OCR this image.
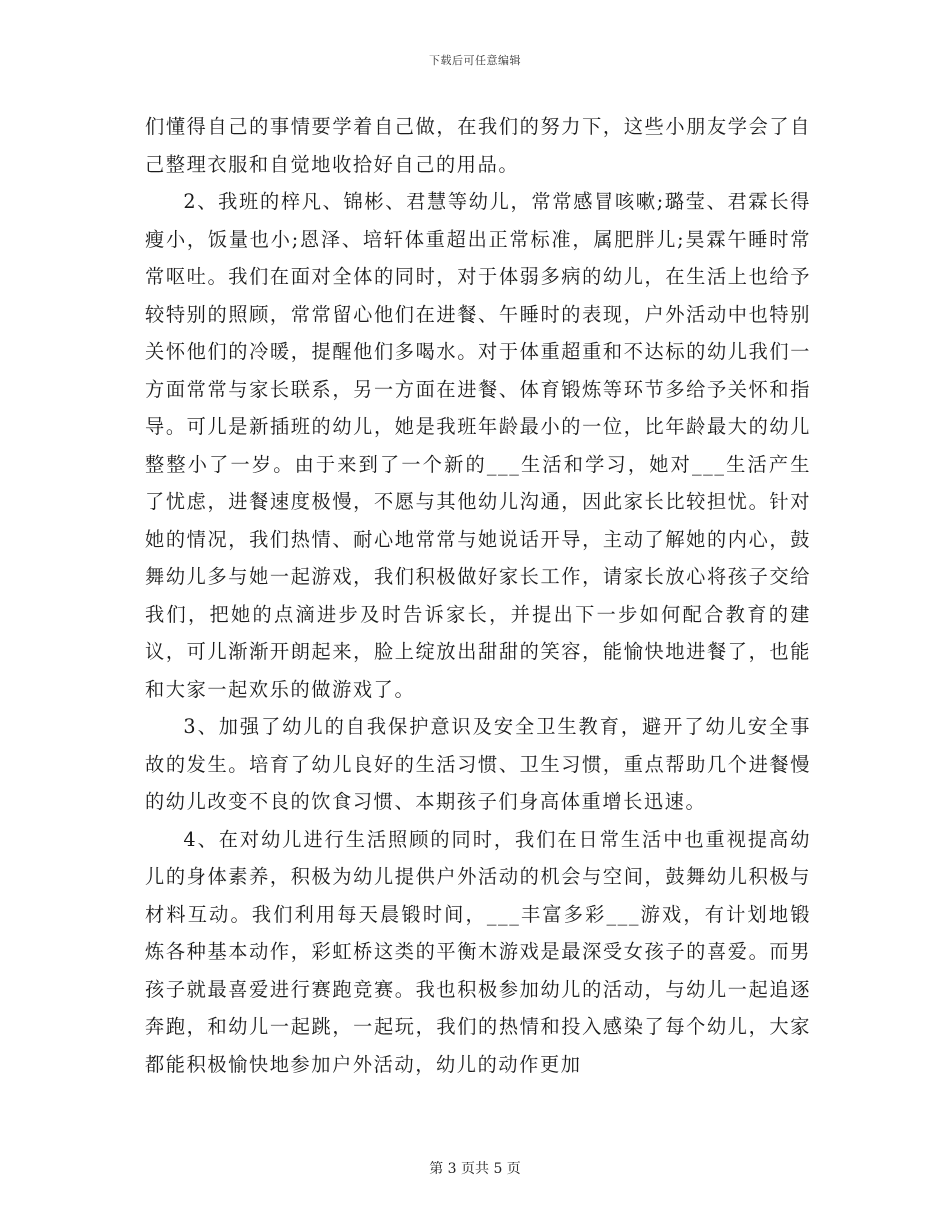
下载后可任意编辑

们懂得自己的事情要学着自己做，在我们的努力下，这些小朋友学会了自己整理衣服和自觉地收拾好自己的用品。

2、我班的梓凡、锦彬、君慧等幼儿，常常感冒咳嗽;璐莹、君霖长得瘦小，饭量也小;恩泽、培轩体重超出正常标准，属肥胖儿;昊霖午睡时常常呕吐。我们在面对全体的同时，对于体弱多病的幼儿，在生活上也给予较特别的照顾，常常留心他们在进餐、午睡时的表现，户外活动中也特别关怀他们的冷暖，提醒他们多喝水。对于体重超重和不达标的幼儿我们一方面常常与家长联系，另一方面在进餐、体育锻炼等环节多给予关怀和指导。可儿是新插班的幼儿，她是我班年龄最小的一位，比年龄最大的幼儿整整小了一岁。由于来到了一个新的___生活和学习，她对___生活产生了忧虑，进餐速度极慢，不愿与其他幼儿沟通，因此家长比较担忧。针对她的情况，我们热情、耐心地常常与她说话开导，主动了解她的内心，鼓舞幼儿多与她一起游戏，我们积极做好家长工作，请家长放心将孩子交给我们，把她的点滴进步及时告诉家长，并提出下一步如何配合教育的建议，可儿渐渐开朗起来，脸上绽放出甜甜的笑容，能愉快地进餐了，也能和大家一起欢乐的做游戏了。

3、加强了幼儿的自我保护意识及安全卫生教育，避开了幼儿安全事故的发生。培育了幼儿良好的生活习惯、卫生习惯，重点帮助几个进餐慢的幼儿改变不良的饮食习惯、本期孩子们身高体重增长迅速。

4、在对幼儿进行生活照顾的同时，我们在日常生活中也重视提高幼儿的身体素养，积极为幼儿提供户外活动的机会与空间，鼓舞幼儿积极与材料互动。我们利用每天晨锻时间，___丰富多彩___游戏，有计划地锻炼各种基本动作，彩虹桥这类的平衡木游戏是最深受女孩子的喜爱。而男孩子就最喜爱进行赛跑竞赛。我也积极参加幼儿的活动，与幼儿一起追逐奔跑，和幼儿一起跳，一起玩，我们的热情和投入感染了每个幼儿，大家都能积极愉快地参加户外活动，幼儿的动作更加

第 3 页共 5 页
